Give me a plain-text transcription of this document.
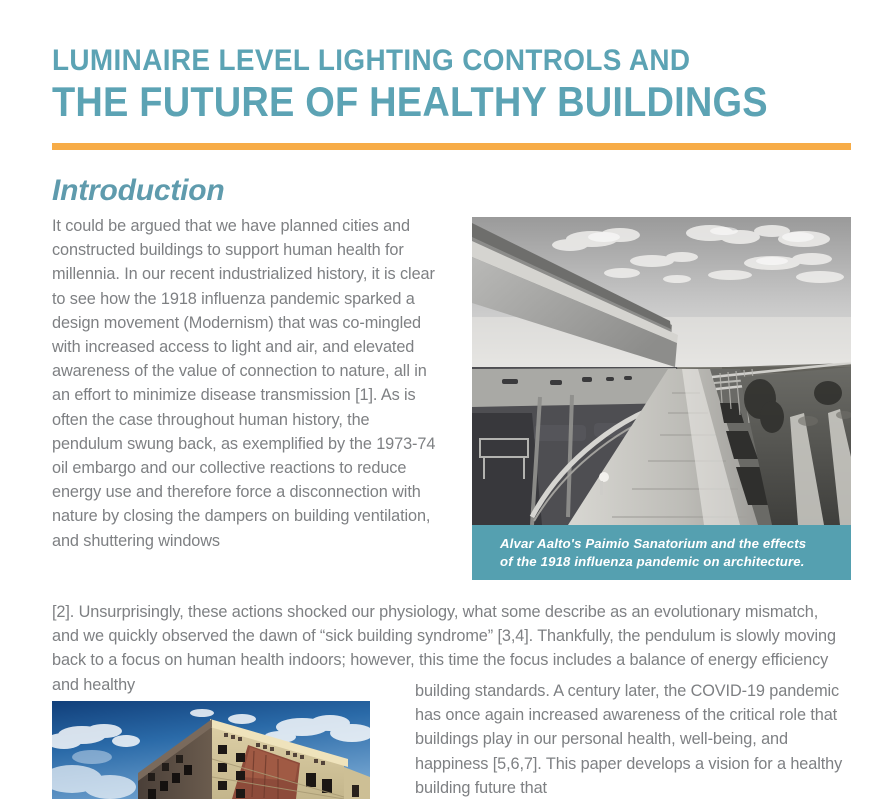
LUMINAIRE LEVEL LIGHTING CONTROLS AND
THE FUTURE OF HEALTHY BUILDINGS
Introduction
It could be argued that we have planned cities and constructed buildings to support human health for millennia. In our recent industrialized history, it is clear to see how the 1918 influenza pandemic sparked a design movement (Modernism) that was co-mingled with increased access to light and air, and elevated awareness of the value of connection to nature, all in an effort to minimize disease transmission [1]. As is often the case throughout human history, the pendulum swung back, as exemplified by the 1973-74 oil embargo and our collective reactions to reduce energy use and therefore force a disconnection with nature by closing the dampers on building ventilation, and shuttering windows
[2]. Unsurprisingly, these actions shocked our physiology, what some describe as an evolutionary mismatch, and we quickly observed the dawn of “sick building syndrome” [3,4]. Thankfully, the pendulum is slowly moving back to a focus on human health indoors; however, this time the focus includes a balance of energy efficiency and healthy	building standards. A century later, the COVID-19 pandemic has once again increased awareness of the critical role that buildings play in our personal health, well-being, and happiness [5,6,7]. This paper develops a vision for a healthy building future that
Alvar Aalto's Paimio Sanatorium and the effects
of the 1918 influenza pandemic on architecture.
